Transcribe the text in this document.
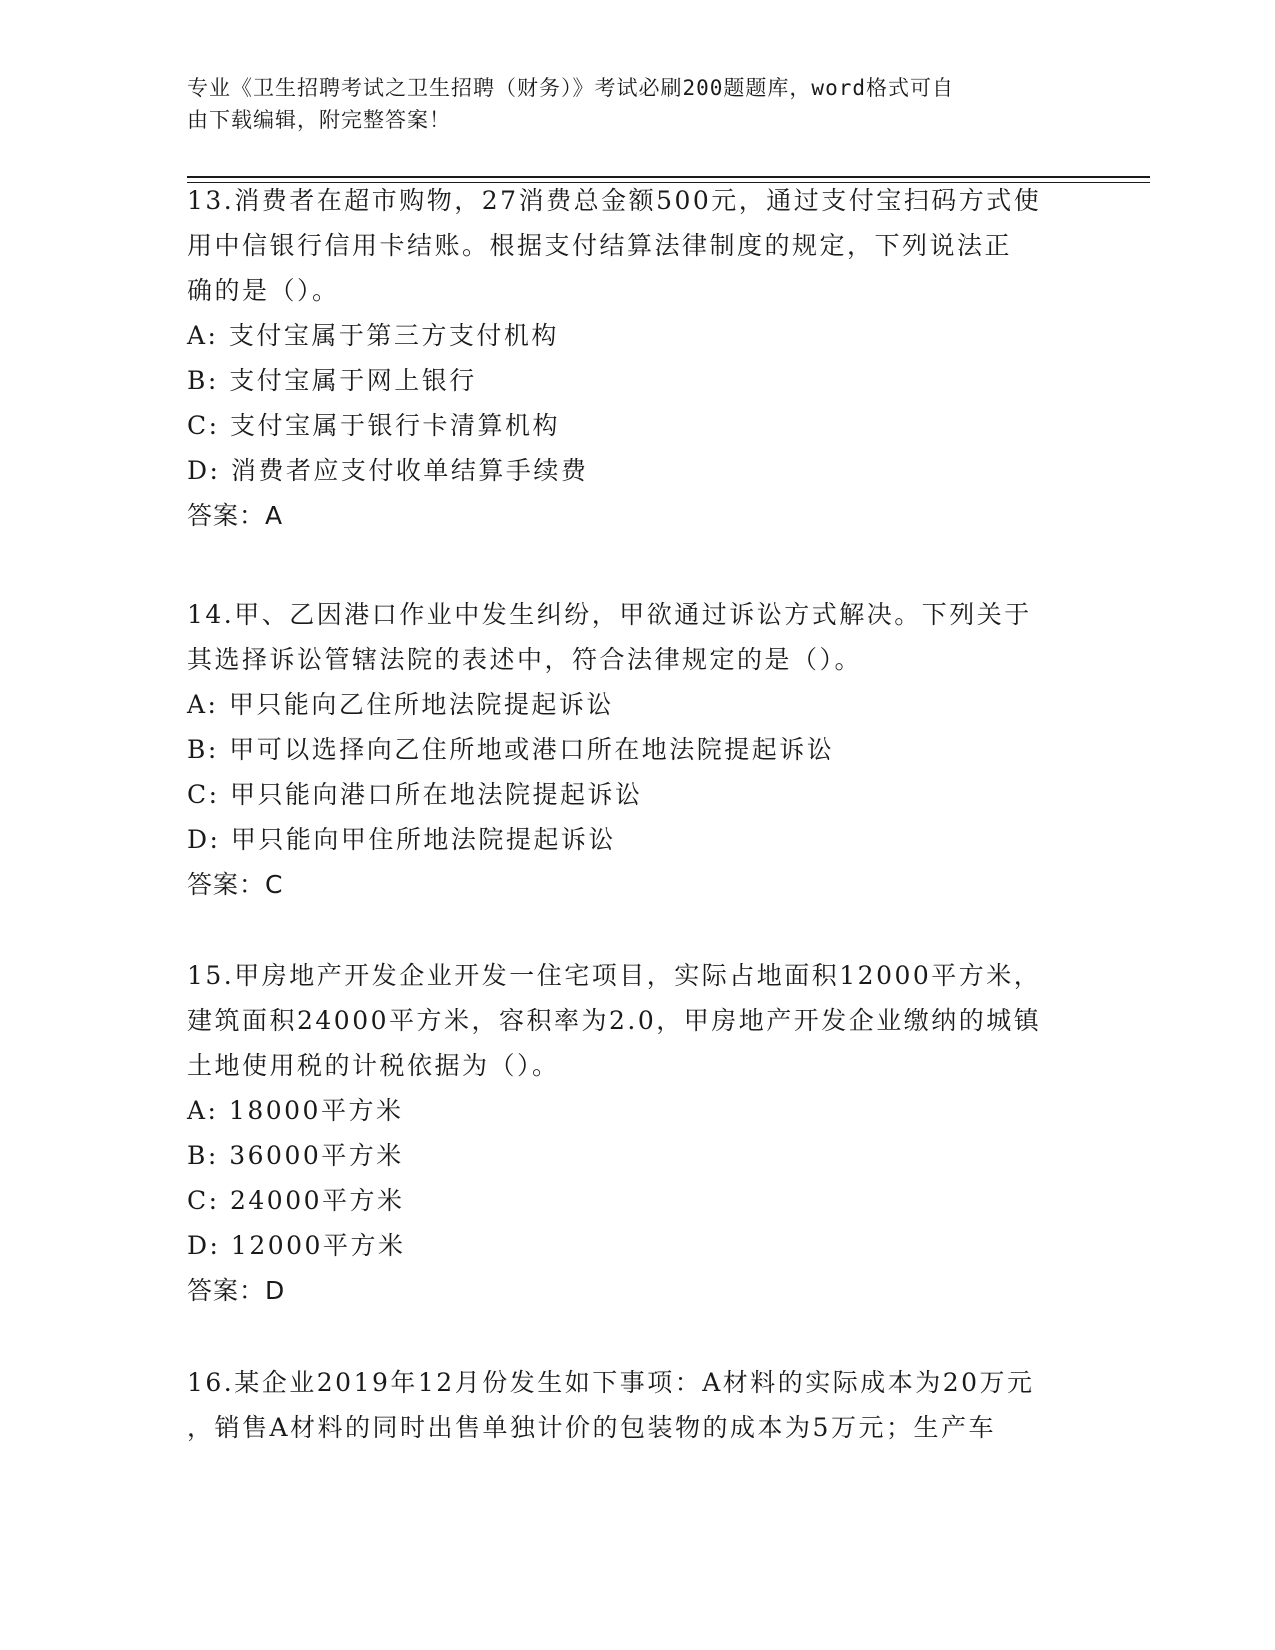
专业《卫生招聘考试之卫生招聘（财务）》考试必刷200题题库，word格式可自
由下载编辑，附完整答案！
13.消费者在超市购物，27消费总金额500元，通过支付宝扫码方式使
用中信银行信用卡结账。根据支付结算法律制度的规定，下列说法正
确的是（）。
A: 支付宝属于第三方支付机构
B: 支付宝属于网上银行
C: 支付宝属于银行卡清算机构
D: 消费者应支付收单结算手续费
答案：A
14.甲、乙因港口作业中发生纠纷，甲欲通过诉讼方式解决。下列关于
其选择诉讼管辖法院的表述中，符合法律规定的是（）。
A: 甲只能向乙住所地法院提起诉讼
B: 甲可以选择向乙住所地或港口所在地法院提起诉讼
C: 甲只能向港口所在地法院提起诉讼
D: 甲只能向甲住所地法院提起诉讼
答案：C
15.甲房地产开发企业开发一住宅项目，实际占地面积12000平方米，
建筑面积24000平方米，容积率为2.0，甲房地产开发企业缴纳的城镇
土地使用税的计税依据为（）。
A: 18000平方米
B: 36000平方米
C: 24000平方米
D: 12000平方米
答案：D
16.某企业2019年12月份发生如下事项：A材料的实际成本为20万元
，销售A材料的同时出售单独计价的包装物的成本为5万元；生产车
